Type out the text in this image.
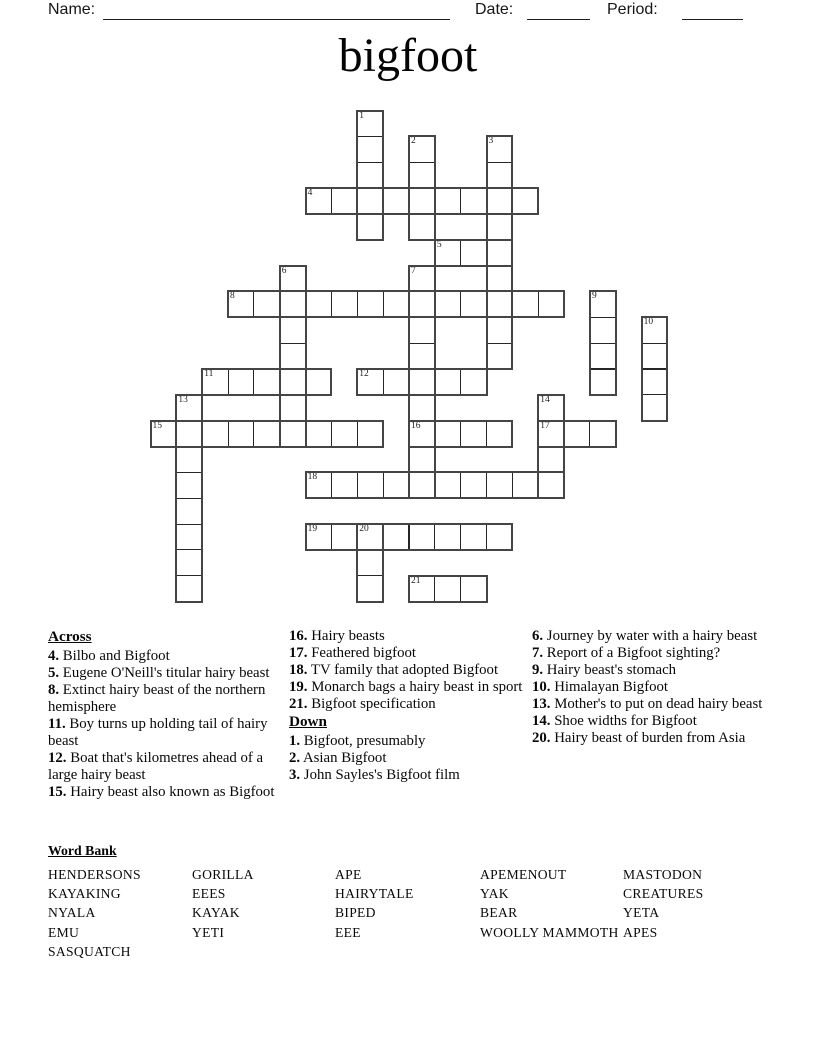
Name:	Date:	Period:
bigfoot
1
2	3
4
5
6	7
16
8	9
10
11	12
13	14
17
15
18
19	20
21
Across
4. Bilbo and Bigfoot
5. Eugene O'Neill's titular hairy beast
8. Extinct hairy beast of the northern hemisphere
11. Boy turns up holding tail of hairy beast
12. Boat that's kilometres ahead of a large hairy beast
15. Hairy beast also known as Bigfoot
16. Hairy beasts
17. Feathered bigfoot
18. TV family that adopted Bigfoot
19. Monarch bags a hairy beast in sport
21. Bigfoot specification
Down
1. Bigfoot, presumably
2. Asian Bigfoot
3. John Sayles's Bigfoot film
6. Journey by water with a hairy beast
7. Report of a Bigfoot sighting?
9. Hairy beast's stomach
10. Himalayan Bigfoot
13. Mother's to put on dead hairy beast
14. Shoe widths for Bigfoot
20. Hairy beast of burden from Asia
Word Bank
HENDERSONS
KAYAKING
NYALA
EMU
SASQUATCH
GORILLA
EEES
KAYAK
YETI
APE
HAIRYTALE
BIPED
EEE
APEMENOUT
YAK
BEAR
WOOLLY MAMMOTH
MASTODON
CREATURES
YETA
APES
